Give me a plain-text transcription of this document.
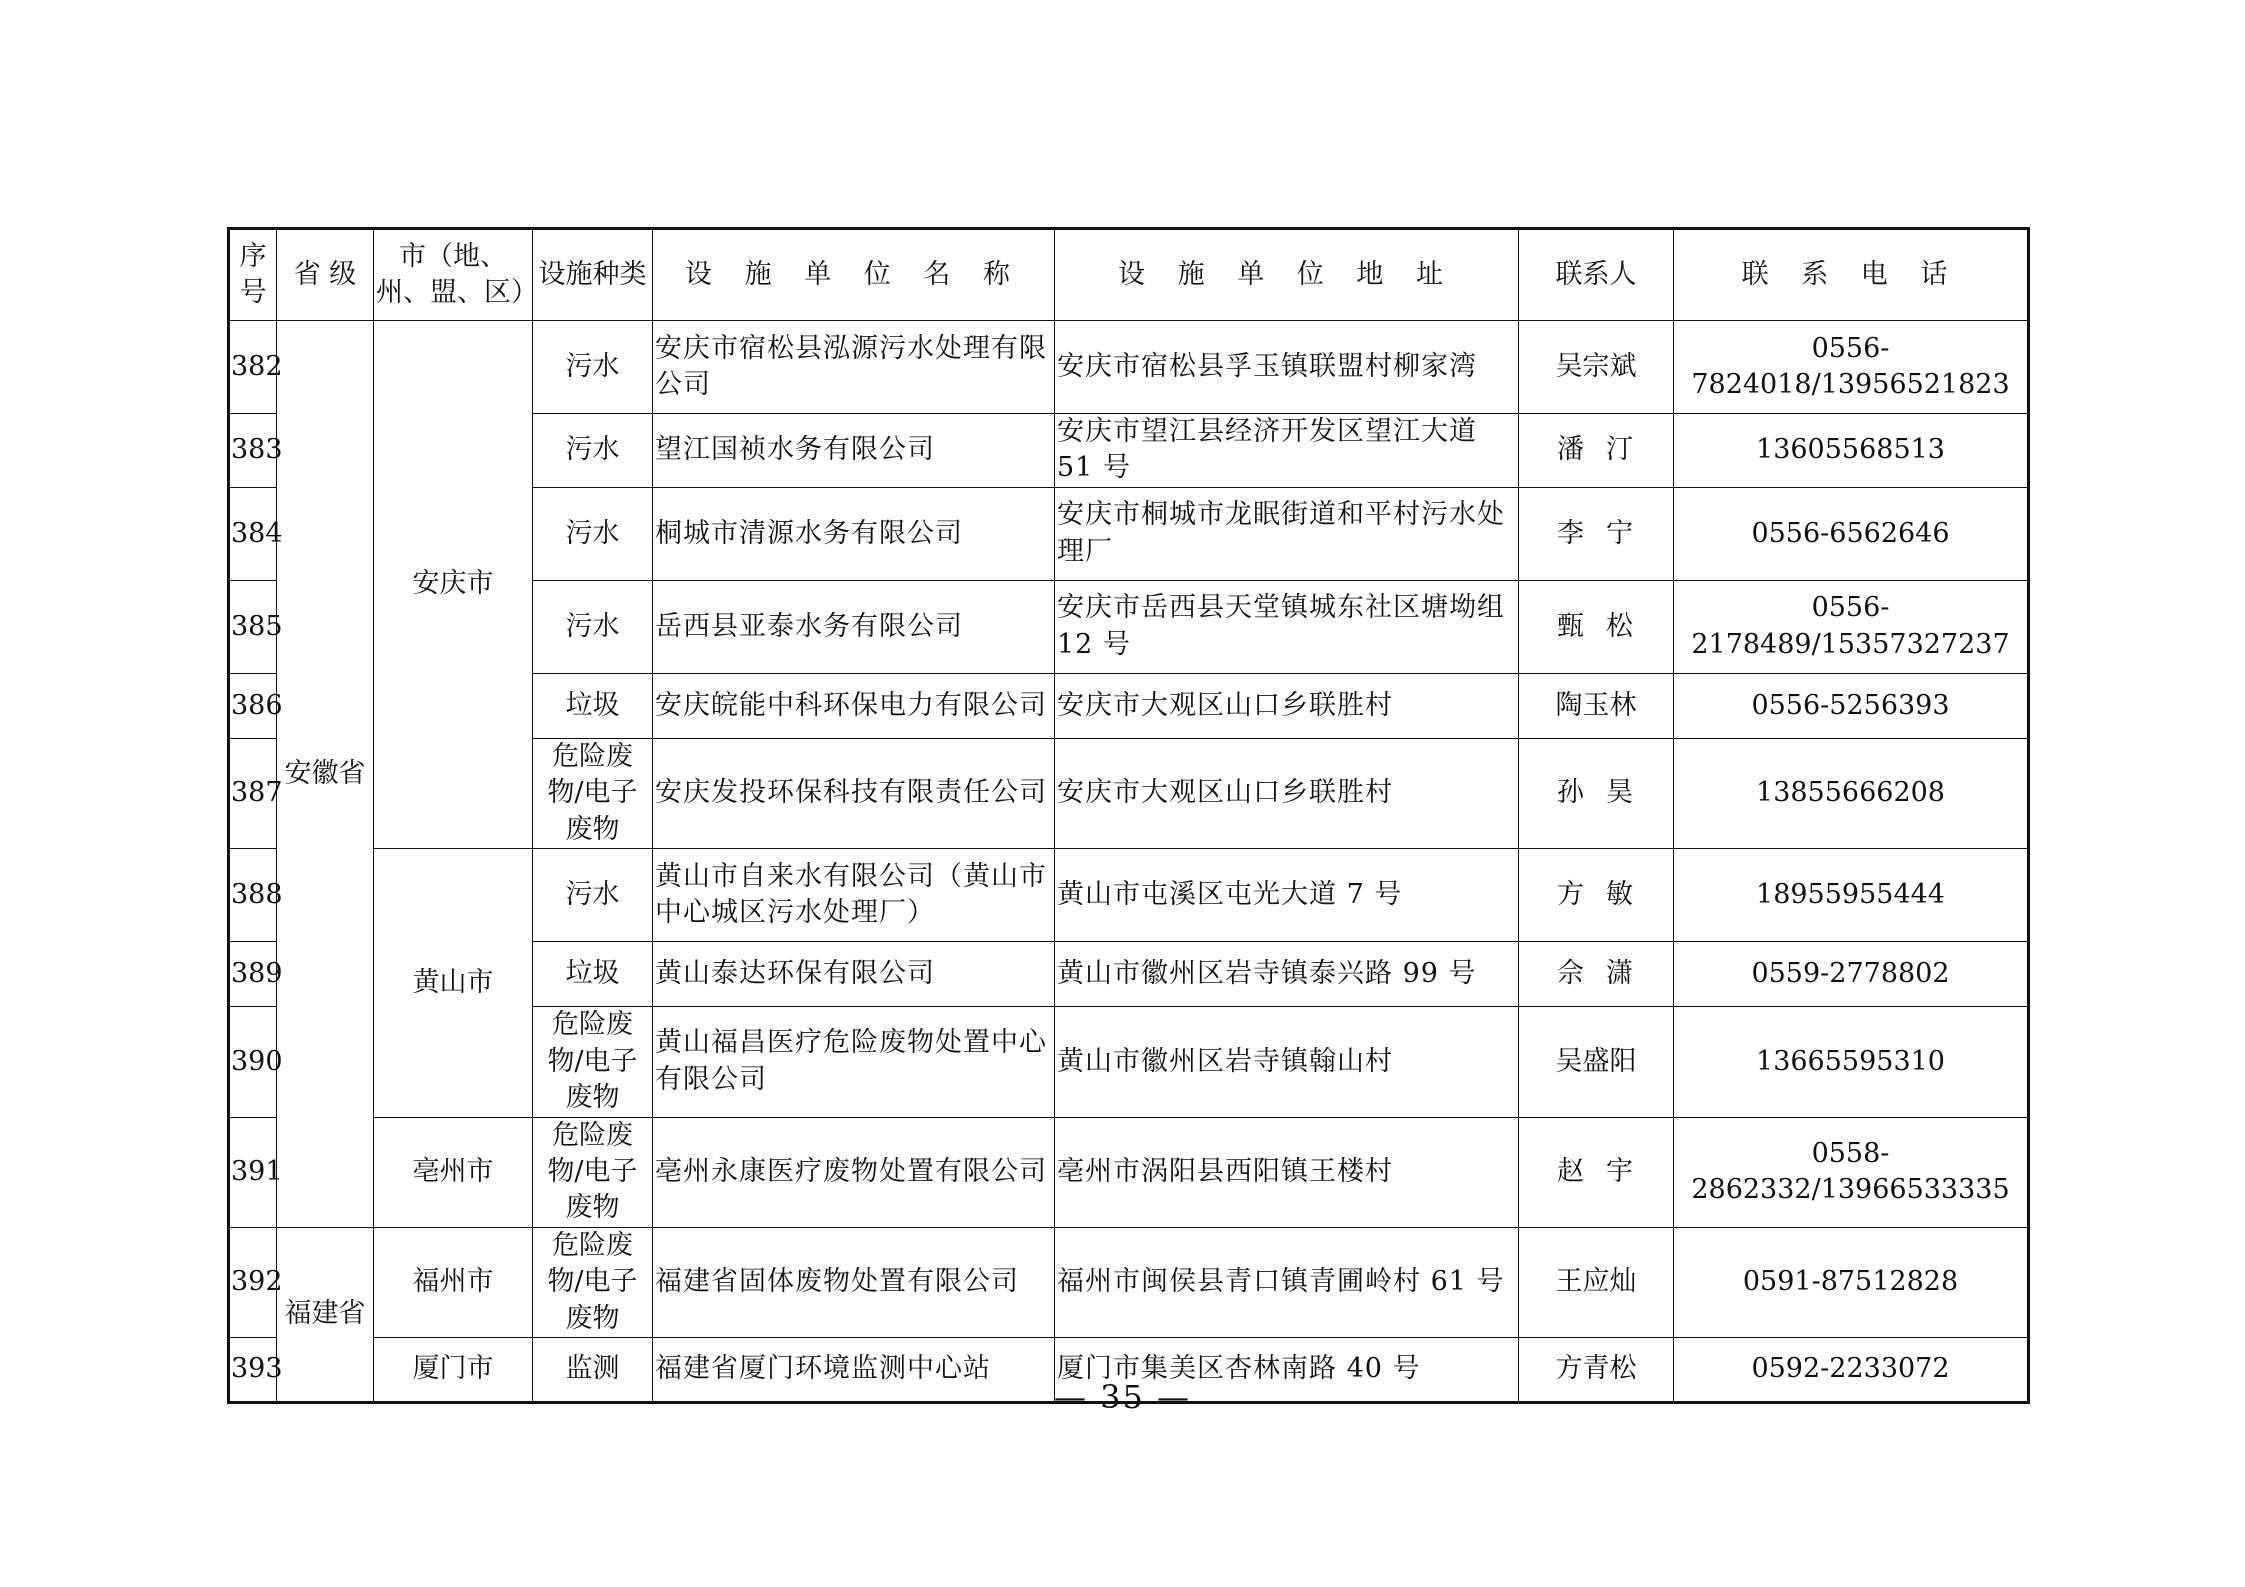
序号	省 级	市（地、州、盟、区）	设施种类	设 施 单 位 名 称	设 施 单 位 地 址	联系人	联 系 电 话
382	安徽省	安庆市	污水	安庆市宿松县泓源污水处理有限公司	安庆市宿松县孚玉镇联盟村柳家湾	吴宗斌	0556-7824018/13956521823
383			污水	望江国祯水务有限公司	安庆市望江县经济开发区望江大道 51 号	潘汀	13605568513
384			污水	桐城市清源水务有限公司	安庆市桐城市龙眠街道和平村污水处理厂	李宁	0556-6562646
385			污水	岳西县亚泰水务有限公司	安庆市岳西县天堂镇城东社区塘坳组 12 号	甄松	0556-2178489/15357327237
386			垃圾	安庆皖能中科环保电力有限公司	安庆市大观区山口乡联胜村	陶玉林	0556-5256393
387			危险废物/电子废物	安庆发投环保科技有限责任公司	安庆市大观区山口乡联胜村	孙昊	13855666208
388		黄山市	污水	黄山市自来水有限公司（黄山市中心城区污水处理厂）	黄山市屯溪区屯光大道 7 号	方敏	18955955444
389			垃圾	黄山泰达环保有限公司	黄山市徽州区岩寺镇泰兴路 99 号	佘潇	0559-2778802
390			危险废物/电子废物	黄山福昌医疗危险废物处置中心有限公司	黄山市徽州区岩寺镇翰山村	吴盛阳	13665595310
391		亳州市	危险废物/电子废物	亳州永康医疗废物处置有限公司	亳州市涡阳县西阳镇王楼村	赵宇	0558-2862332/13966533335
392	福建省	福州市	危险废物/电子废物	福建省固体废物处置有限公司	福州市闽侯县青口镇青圃岭村 61 号	王应灿	0591-87512828
393		厦门市	监测	福建省厦门环境监测中心站	厦门市集美区杏林南路 40 号	方青松	0592-2233072
— 35 —
